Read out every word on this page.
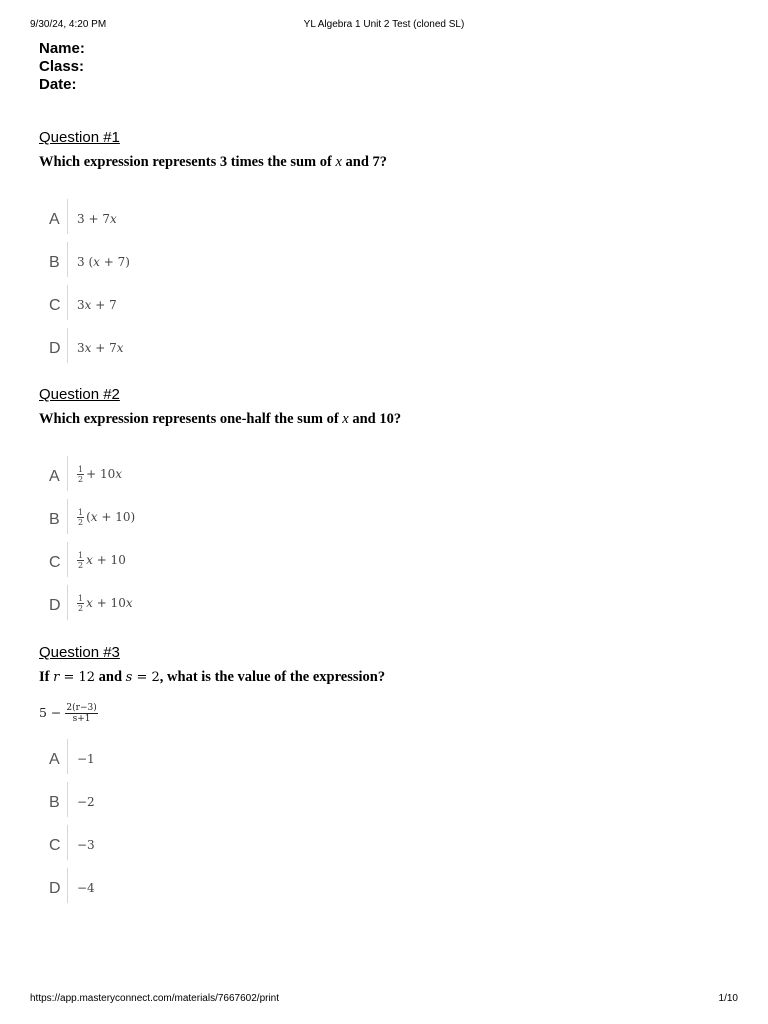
9/30/24, 4:20 PM	YL Algebra 1 Unit 2 Test (cloned SL)
Name:
Class:
Date:
Question #1
Which expression represents 3 times the sum of x and 7?
A 3 + 7x
B 3 (x + 7)
C 3x + 7
D 3x + 7x
Question #2
Which expression represents one-half the sum of x and 10?
A $\frac{1}{2} + 10x$
B $\frac{1}{2} (x + 10)$
C $\frac{1}{2}$ x + 10
D $\frac{1}{2}$ x + 10x
Question #3
If r = 12 and s = 2, what is the value of the expression?
$5 - \frac{2(r-3)}{s+1}$
A −1
B −2
C −3
D −4
https://app.masteryconnect.com/materials/7667602/print	1/10
